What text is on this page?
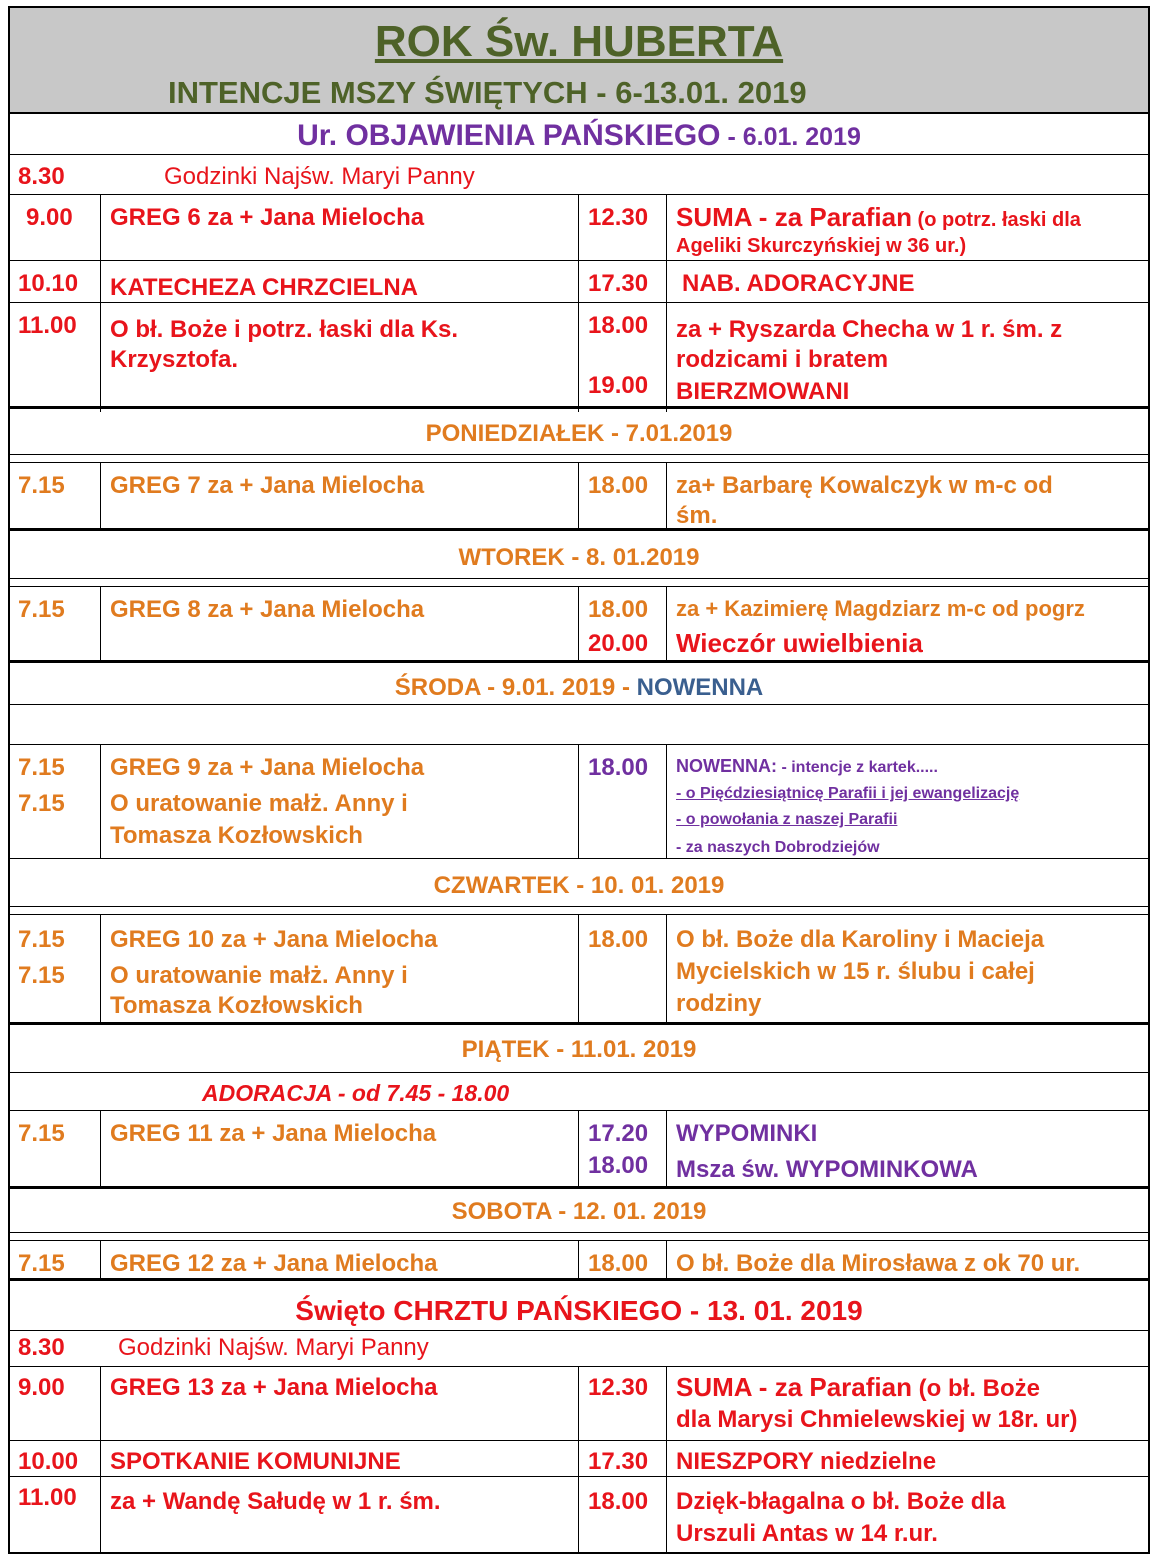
ROK Św. HUBERTA
INTENCJE MSZY ŚWIĘTYCH - 6-13.01. 2019
Ur. OBJAWIENIA PAŃSKIEGO - 6.01. 2019
8.30	Godzinki Najśw. Maryi Panny
9.00 GREG 6 za + Jana Mielocha	12.30 SUMA - za Parafian (o potrz. łaski dla
Ageliki Skurczyńskiej w 36 ur.)
10.10 KATECHEZA CHRZCIELNA	17.30 NAB. ADORACYJNE
11.00 O bł. Boże i potrz. łaski dla Ks.
Krzysztofa.
18.00 za + Ryszarda Checha w 1 r. śm. z
rodzicami i bratem
19.00 BIERZMOWANI
PONIEDZIAŁEK - 7.01.2019
7.15 GREG 7 za + Jana Mielocha	18.00 za+ Barbarę Kowalczyk w m-c od
śm.
WTOREK - 8. 01.2019
7.15 GREG 8 za + Jana Mielocha	18.00 za + Kazimierę Magdziarz m-c od pogrz
20.00 Wieczór uwielbienia
ŚRODA - 9.01. 2019 - NOWENNA
7.15 GREG 9 za + Jana Mielocha
7.15 O uratowanie małż. Anny i
Tomasza Kozłowskich
18.00 NOWENNA: - intencje z kartek.....
- o Pięćdziesiątnicę Parafii i jej ewangelizację
- o powołania z naszej Parafii
- za naszych Dobrodziejów
CZWARTEK - 10. 01. 2019
7.15 GREG 10 za + Jana Mielocha
7.15 O uratowanie małż. Anny i
Tomasza Kozłowskich
18.00 O bł. Boże dla Karoliny i Macieja
Mycielskich w 15 r. ślubu i całej
rodziny
PIĄTEK - 11.01. 2019
ADORACJA - od 7.45 - 18.00
7.15 GREG 11 za + Jana Mielocha	17.20 WYPOMINKI
18.00 Msza św. WYPOMINKOWA
SOBOTA - 12. 01. 2019
7.15 GREG 12 za + Jana Mielocha	18.00 O bł. Boże dla Mirosława z ok 70 ur.
Święto CHRZTU PAŃSKIEGO - 13. 01. 2019
8.30 Godzinki Najśw. Maryi Panny
9.00 GREG 13 za + Jana Mielocha	12.30 SUMA - za Parafian (o bł. Boże
dla Marysi Chmielewskiej w 18r. ur)
10.00 SPOTKANIE KOMUNIJNE	17.30 NIESZPORY niedzielne
11.00 za + Wandę Sałudę w 1 r. śm.	18.00 Dzięk-błagalna o bł. Boże dla
Urszuli Antas w 14 r.ur.
